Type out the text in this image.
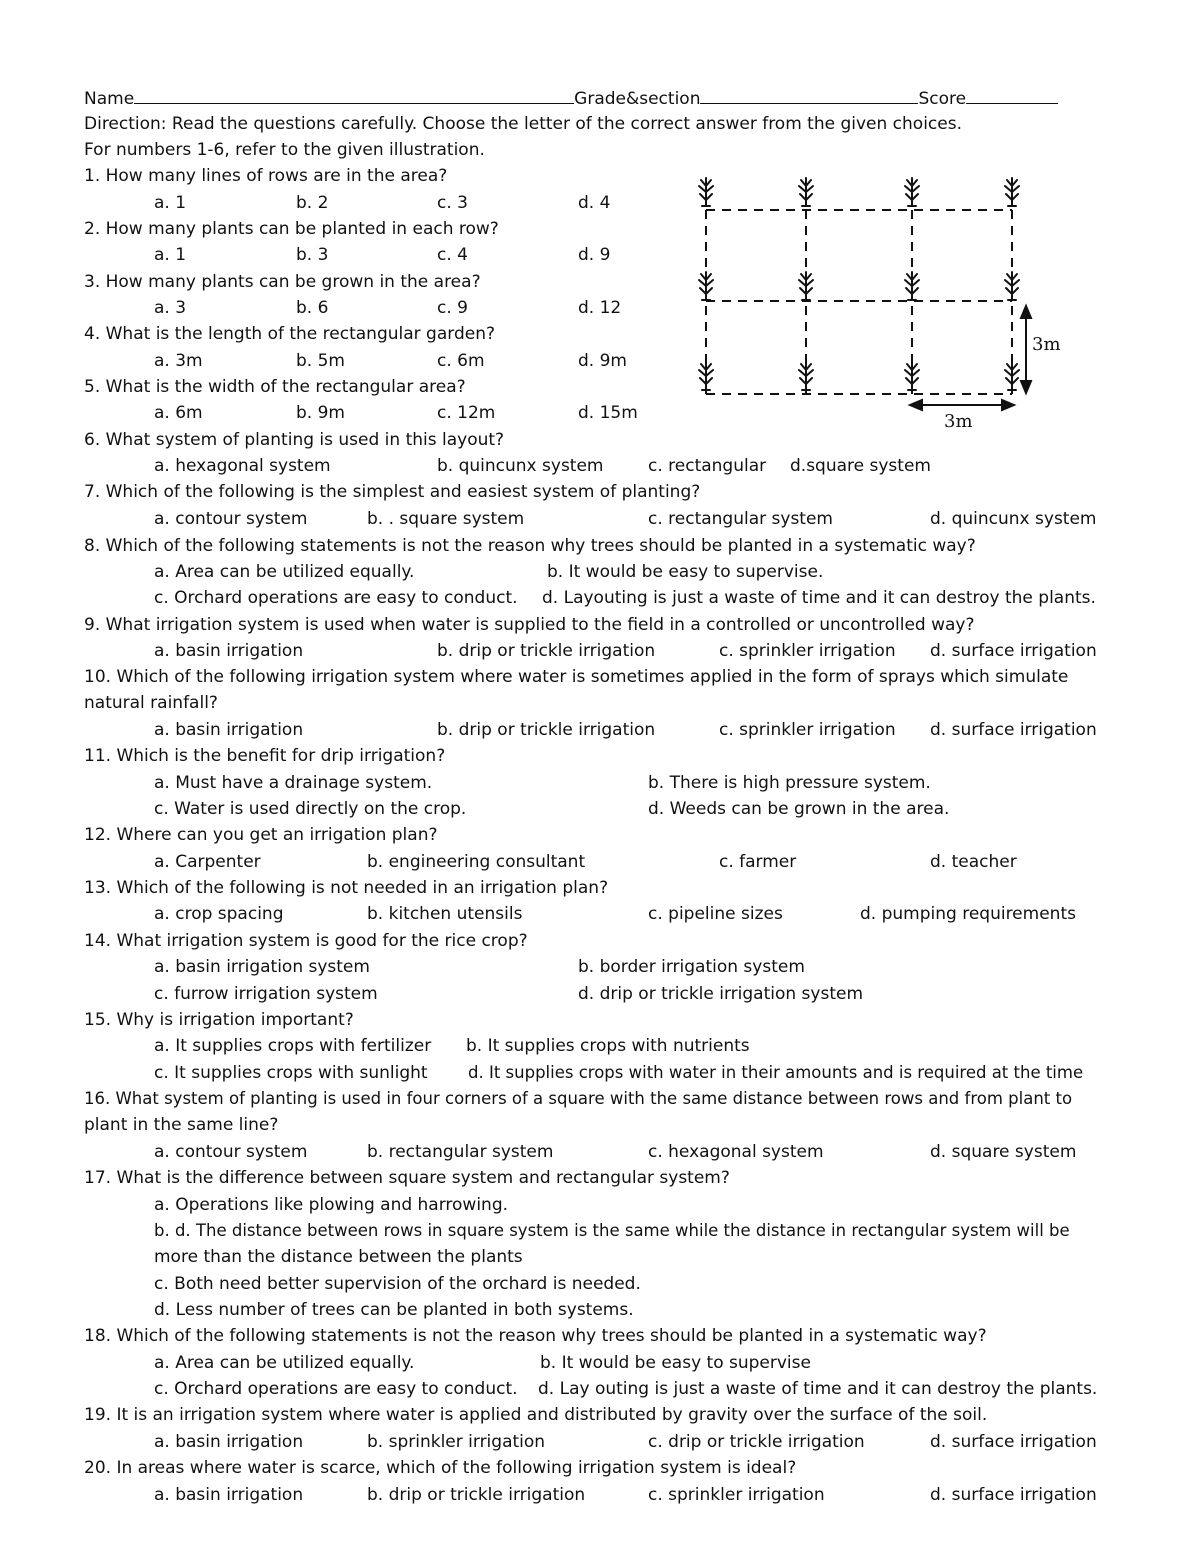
Name	Grade&section	Score
Direction: Read the questions carefully. Choose the letter of the correct answer from the given choices.
For numbers 1-6, refer to the given illustration.
1. How many lines of rows are in the area?
a. 1	b. 2	c. 3	d. 4
2. How many plants can be planted in each row?
a. 1	b. 3	c. 4	d. 9
3. How many plants can be grown in the area?
a. 3	b. 6	c. 9	d. 12
4. What is the length of the rectangular garden?
a. 3m	b. 5m	c. 6m	d. 9m
5. What is the width of the rectangular area?
a. 6m	b. 9m	c. 12m	d. 15m
6. What system of planting is used in this layout?
a. hexagonal system	b. quincunx system	c. rectangular d.square system
7. Which of the following is the simplest and easiest system of planting?
a. contour system	b. . square system	c. rectangular system	d. quincunx system
8. Which of the following statements is not the reason why trees should be planted in a systematic way?
a. Area can be utilized equally.	b. It would be easy to supervise.
c. Orchard operations are easy to conduct. d. Layouting is just a waste of time and it can destroy the plants.
9. What irrigation system is used when water is supplied to the field in a controlled or uncontrolled way?
a. basin irrigation	b. drip or trickle irrigation	c. sprinkler irrigation d. surface irrigation
10. Which of the following irrigation system where water is sometimes applied in the form of sprays which simulate
natural rainfall?
a. basin irrigation	b. drip or trickle irrigation	c. sprinkler irrigation d. surface irrigation
11. Which is the benefit for drip irrigation?
a. Must have a drainage system.	b. There is high pressure system.
c. Water is used directly on the crop.	d. Weeds can be grown in the area.
12. Where can you get an irrigation plan?
a. Carpenter	b. engineering consultant	c. farmer	d. teacher
13. Which of the following is not needed in an irrigation plan?
a. crop spacing	b. kitchen utensils	c. pipeline sizes	d. pumping requirements
14. What irrigation system is good for the rice crop?
a. basin irrigation system	b. border irrigation system
c. furrow irrigation system	d. drip or trickle irrigation system
15. Why is irrigation important?
a. It supplies crops with fertilizer b. It supplies crops with nutrients
c. It supplies crops with sunlight d. It supplies crops with water in their amounts and is required at the time
16. What system of planting is used in four corners of a square with the same distance between rows and from plant to
plant in the same line?
a. contour system	b. rectangular system	c. hexagonal system	d. square system
17. What is the difference between square system and rectangular system?
a. Operations like plowing and harrowing.
b. d. The distance between rows in square system is the same while the distance in rectangular system will be
more than the distance between the plants
c. Both need better supervision of the orchard is needed.
d. Less number of trees can be planted in both systems.
18. Which of the following statements is not the reason why trees should be planted in a systematic way?
a. Area can be utilized equally.	b. It would be easy to supervise
c. Orchard operations are easy to conduct. d. Lay outing is just a waste of time and it can destroy the plants.
19. It is an irrigation system where water is applied and distributed by gravity over the surface of the soil.
a. basin irrigation	b. sprinkler irrigation	c. drip or trickle irrigation	d. surface irrigation
20. In areas where water is scarce, which of the following irrigation system is ideal?
a. basin irrigation	b. drip or trickle irrigation	c. sprinkler irrigation	d. surface irrigation
3m
3m
